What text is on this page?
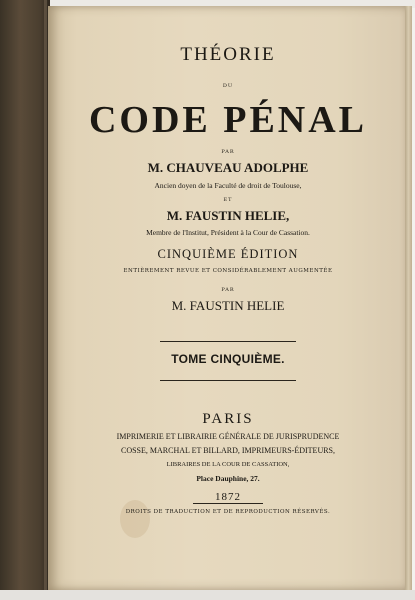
THÉORIE
DU
CODE PÉNAL
PAR
M. CHAUVEAU ADOLPHE
Ancien doyen de la Faculté de droit de Toulouse,
ET
M. FAUSTIN HELIE,
Membre de l'Institut, Président à la Cour de Cassation.
CINQUIÈME ÉDITION
ENTIÈREMENT REVUE ET CONSIDÉRABLEMENT AUGMENTÉE
PAR
M. FAUSTIN HELIE
TOME CINQUIÈME.
PARIS
IMPRIMERIE ET LIBRAIRIE GÉNÉRALE DE JURISPRUDENCE
COSSE, MARCHAL ET BILLARD, IMPRIMEURS-ÉDITEURS,
LIBRAIRES DE LA COUR DE CASSATION,
Place Dauphine, 27.
1872
DROITS DE TRADUCTION ET DE REPRODUCTION RÉSERVÉS.
